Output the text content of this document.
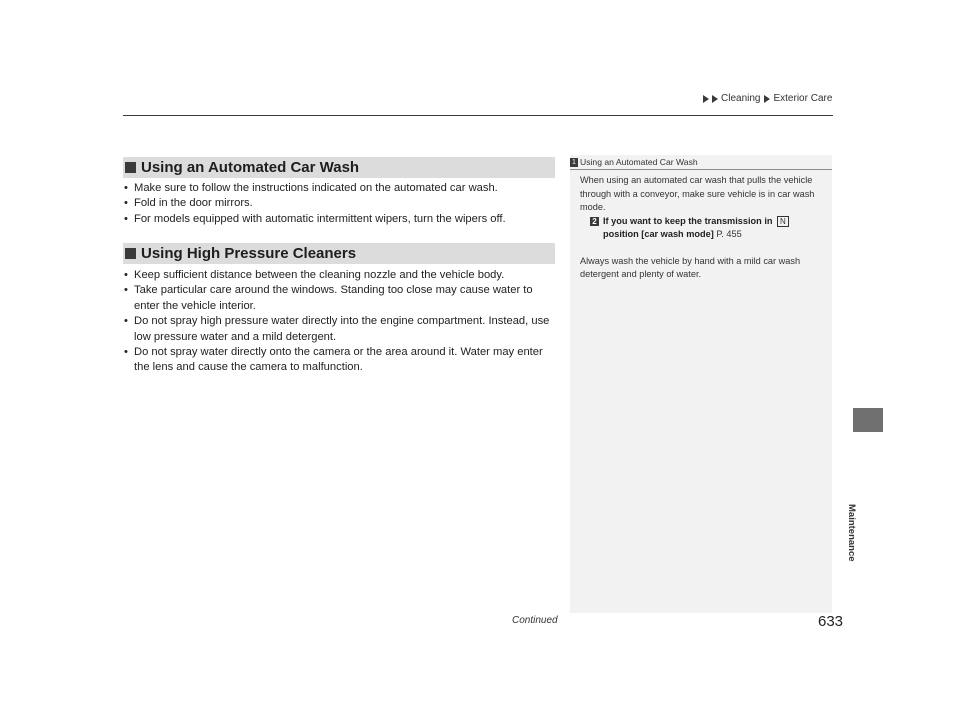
Cleaning Exterior Care
Using an Automated Car Wash
• Make sure to follow the instructions indicated on the automated car wash.
• Fold in the door mirrors.
• For models equipped with automatic intermittent wipers, turn the wipers off.
Using High Pressure Cleaners
• Keep sufficient distance between the cleaning nozzle and the vehicle body.
• Take particular care around the windows. Standing too close may cause water to enter the vehicle interior.
• Do not spray high pressure water directly into the engine compartment. Instead, use low pressure water and a mild detergent.
• Do not spray water directly onto the camera or the area around it. Water may enter the lens and cause the camera to malfunction.
1 Using an Automated Car Wash

When using an automated car wash that pulls the vehicle through with a conveyor, make sure vehicle is in car wash mode.

2 If you want to keep the transmission in N
position [car wash mode] P. 455

Always wash the vehicle by hand with a mild car wash detergent and plenty of water.

Maintenance
Continued	633
